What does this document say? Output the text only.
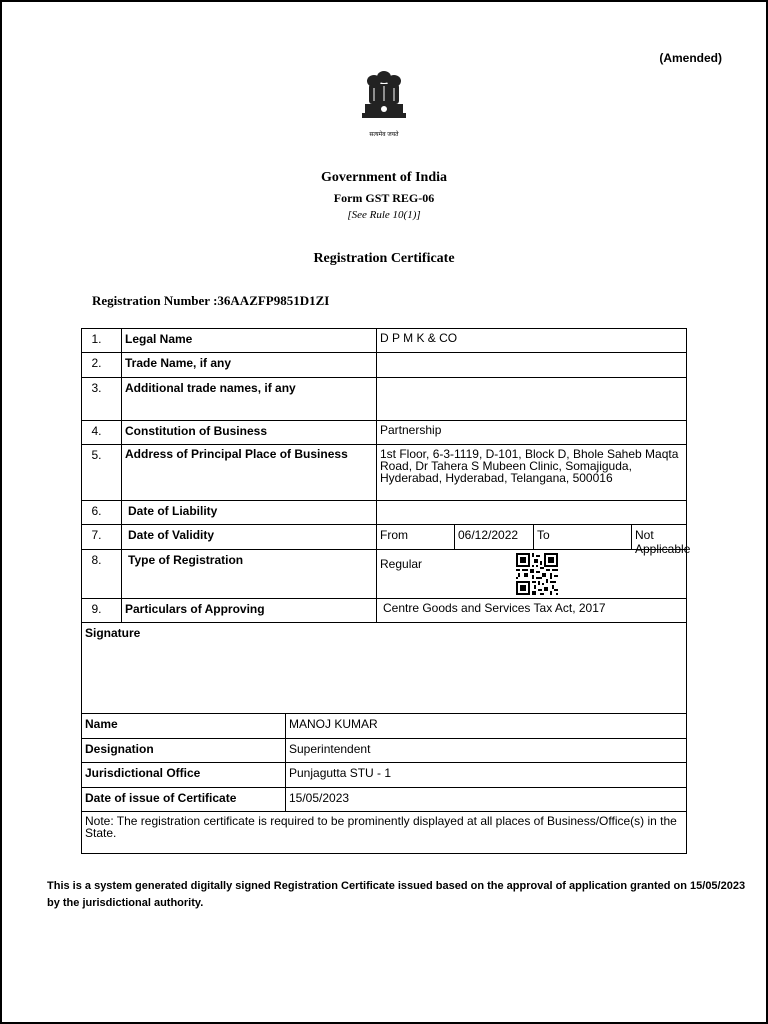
(Amended)
सत्यमेव जयते
Government of India
Form GST REG-06
[See Rule 10(1)]
Registration Certificate
Registration Number :36AAZFP9851D1ZI
1.	Legal Name	D P M K & CO
2.	Trade Name, if any
3.	Additional trade names, if any
4.	Constitution of Business	Partnership
5.	Address of Principal Place of Business	1st Floor, 6-3-1119, D-101, Block D, Bhole Saheb Maqta Road, Dr Tahera S Mubeen Clinic, Somajiguda, Hyderabad, Hyderabad, Telangana, 500016
6.	Date of Liability
7.	Date of Validity	From	06/12/2022	To	Not Applicable
8.	Type of Registration	Regular
9.	Particulars of Approving	Centre Goods and Services Tax Act, 2017
Signature
Name	MANOJ KUMAR
Designation	Superintendent
Jurisdictional Office	Punjagutta STU - 1
Date of issue of Certificate	15/05/2023
Note: The registration certificate is required to be prominently displayed at all places of Business/Office(s) in the State.
This is a system generated digitally signed Registration Certificate issued based on the approval of application granted on 15/05/2023 by the jurisdictional authority.
